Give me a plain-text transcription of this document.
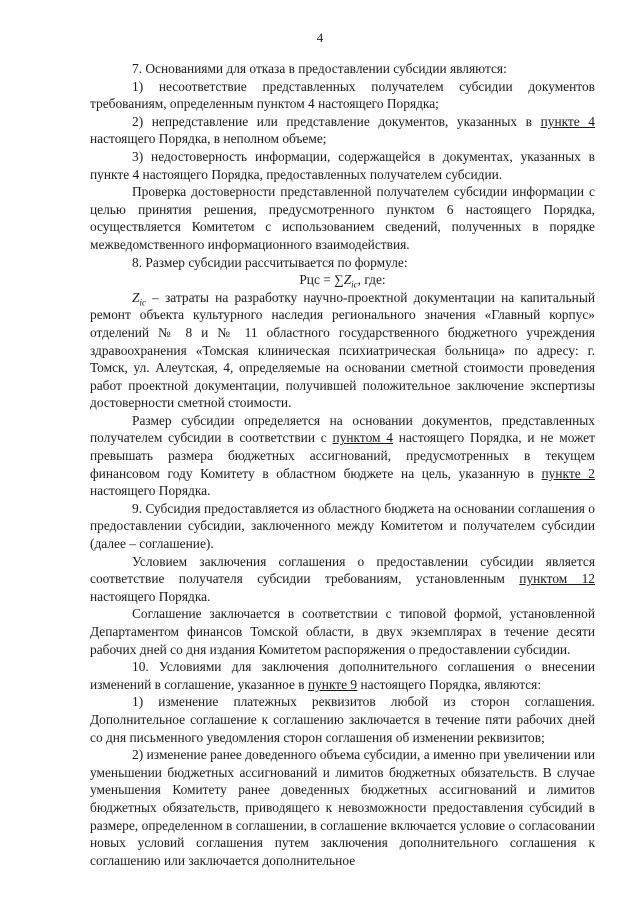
4

7. Основаниями для отказа в предоставлении субсидии являются:

1) несоответствие представленных получателем субсидии документов требованиям, определенным пунктом 4 настоящего Порядка;

2) непредставление или представление документов, указанных в пункте 4 настоящего Порядка, в неполном объеме;

3) недостоверность информации, содержащейся в документах, указанных в пункте 4 настоящего Порядка, предоставленных получателем субсидии.

Проверка достоверности представленной получателем субсидии информации с целью принятия решения, предусмотренного пунктом 6 настоящего Порядка, осуществляется Комитетом с использованием сведений, полученных в порядке межведомственного информационного взаимодействия.

8. Размер субсидии рассчитывается по формуле:

Рцс = $\sum Z_{ic}$, где:

$Z_{ic}$ – затраты на разработку научно-проектной документации на капитальный ремонт объекта культурного наследия регионального значения «Главный корпус» отделений № 8 и № 11 областного государственного бюджетного учреждения здравоохранения «Томская клиническая психиатрическая больница» по адресу: г. Томск, ул. Алеутская, 4, определяемые на основании сметной стоимости проведения работ проектной документации, получившей положительное заключение экспертизы достоверности сметной стоимости.

Размер субсидии определяется на основании документов, представленных получателем субсидии в соответствии с пунктом 4 настоящего Порядка, и не может превышать размера бюджетных ассигнований, предусмотренных в текущем финансовом году Комитету в областном бюджете на цель, указанную в пункте 2 настоящего Порядка.

9. Субсидия предоставляется из областного бюджета на основании соглашения о предоставлении субсидии, заключенного между Комитетом и получателем субсидии (далее – соглашение).

Условием заключения соглашения о предоставлении субсидии является соответствие получателя субсидии требованиям, установленным пунктом 12 настоящего Порядка.

Соглашение заключается в соответствии с типовой формой, установленной Департаментом финансов Томской области, в двух экземплярах в течение десяти рабочих дней со дня издания Комитетом распоряжения о предоставлении субсидии.

10. Условиями для заключения дополнительного соглашения о внесении изменений в соглашение, указанное в пункте 9 настоящего Порядка, являются:

1) изменение платежных реквизитов любой из сторон соглашения. Дополнительное соглашение к соглашению заключается в течение пяти рабочих дней со дня письменного уведомления сторон соглашения об изменении реквизитов;

2) изменение ранее доведенного объема субсидии, а именно при увеличении или уменьшении бюджетных ассигнований и лимитов бюджетных обязательств. В случае уменьшения Комитету ранее доведенных бюджетных ассигнований и лимитов бюджетных обязательств, приводящего к невозможности предоставления субсидий в размере, определенном в соглашении, в соглашение включается условие о согласовании новых условий соглашения путем заключения дополнительного соглашения к соглашению или заключается дополнительное
